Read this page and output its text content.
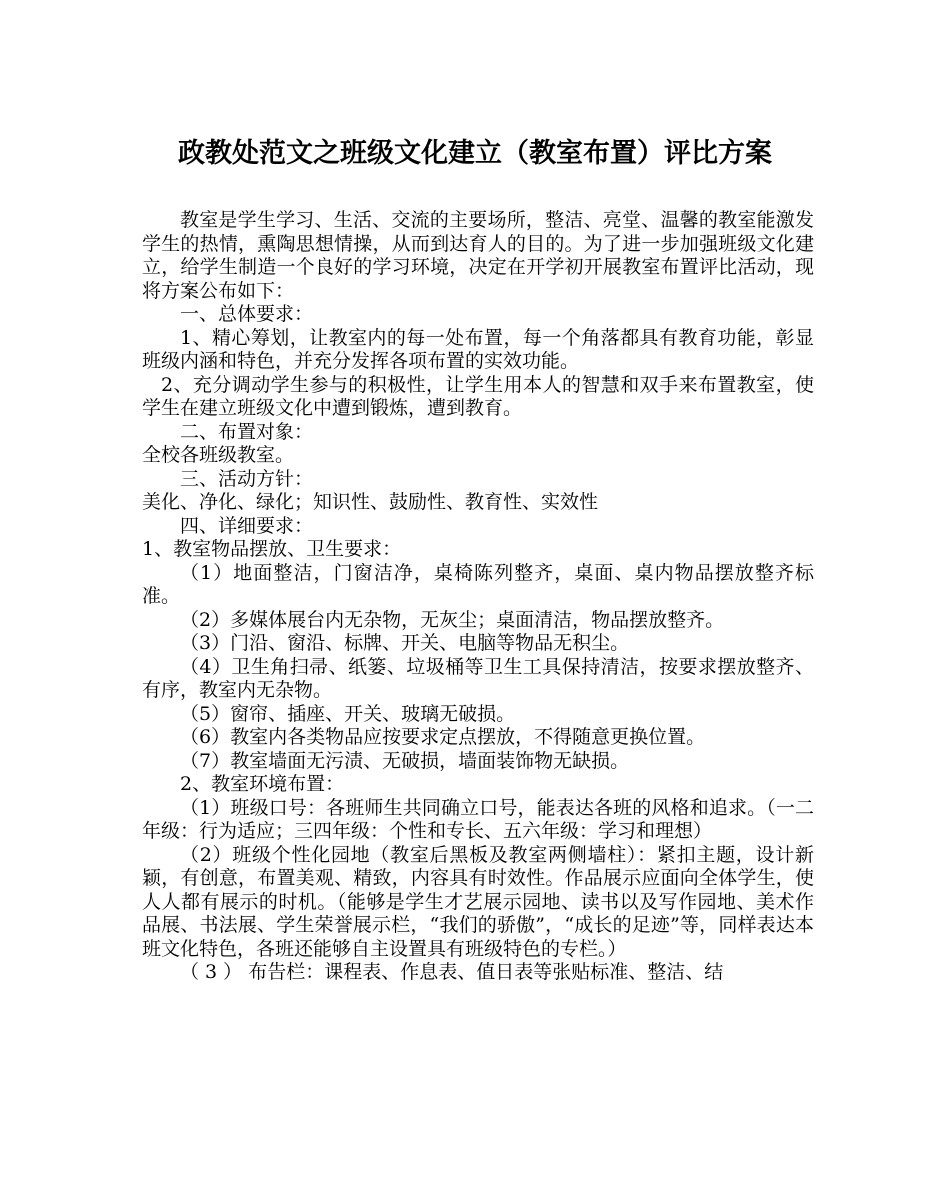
政教处范文之班级文化建立（教室布置）评比方案

教室是学生学习、生活、交流的主要场所，整洁、亮堂、温馨的教室能激发学生的热情，熏陶思想情操，从而到达育人的目的。为了进一步加强班级文化建立，给学生制造一个良好的学习环境，决定在开学初开展教室布置评比活动，现将方案公布如下：

一、总体要求：

1、精心筹划，让教室内的每一处布置，每一个角落都具有教育功能，彰显班级内涵和特色，并充分发挥各项布置的实效功能。

2、充分调动学生参与的积极性，让学生用本人的智慧和双手来布置教室，使学生在建立班级文化中遭到锻炼，遭到教育。

二、布置对象：

全校各班级教室。

三、活动方针：

美化、净化、绿化；知识性、鼓励性、教育性、实效性

四、详细要求：

1、教室物品摆放、卫生要求：

（1）地面整洁，门窗洁净，桌椅陈列整齐，桌面、桌内物品摆放整齐标准。

（2）多媒体展台内无杂物，无灰尘；桌面清洁，物品摆放整齐。

（3）门沿、窗沿、标牌、开关、电脑等物品无积尘。

（4）卫生角扫帚、纸篓、垃圾桶等卫生工具保持清洁，按要求摆放整齐、有序，教室内无杂物。

（5）窗帘、插座、开关、玻璃无破损。

（6）教室内各类物品应按要求定点摆放，不得随意更换位置。

（7）教室墙面无污渍、无破损，墙面装饰物无缺损。

2、教室环境布置：

（1）班级口号：各班师生共同确立口号，能表达各班的风格和追求。（一二年级：行为适应；三四年级：个性和专长、五六年级：学习和理想）

（2）班级个性化园地（教室后黑板及教室两侧墙柱）：紧扣主题，设计新颖，有创意，布置美观、精致，内容具有时效性。作品展示应面向全体学生，使人人都有展示的时机。（能够是学生才艺展示园地、读书以及写作园地、美术作品展、书法展、学生荣誉展示栏，“我们的骄傲”，“成长的足迹”等，同样表达本班文化特色，各班还能够自主设置具有班级特色的专栏。）

（ 3 ） 布告栏：课程表、作息表、值日表等张贴标准、整洁、结
